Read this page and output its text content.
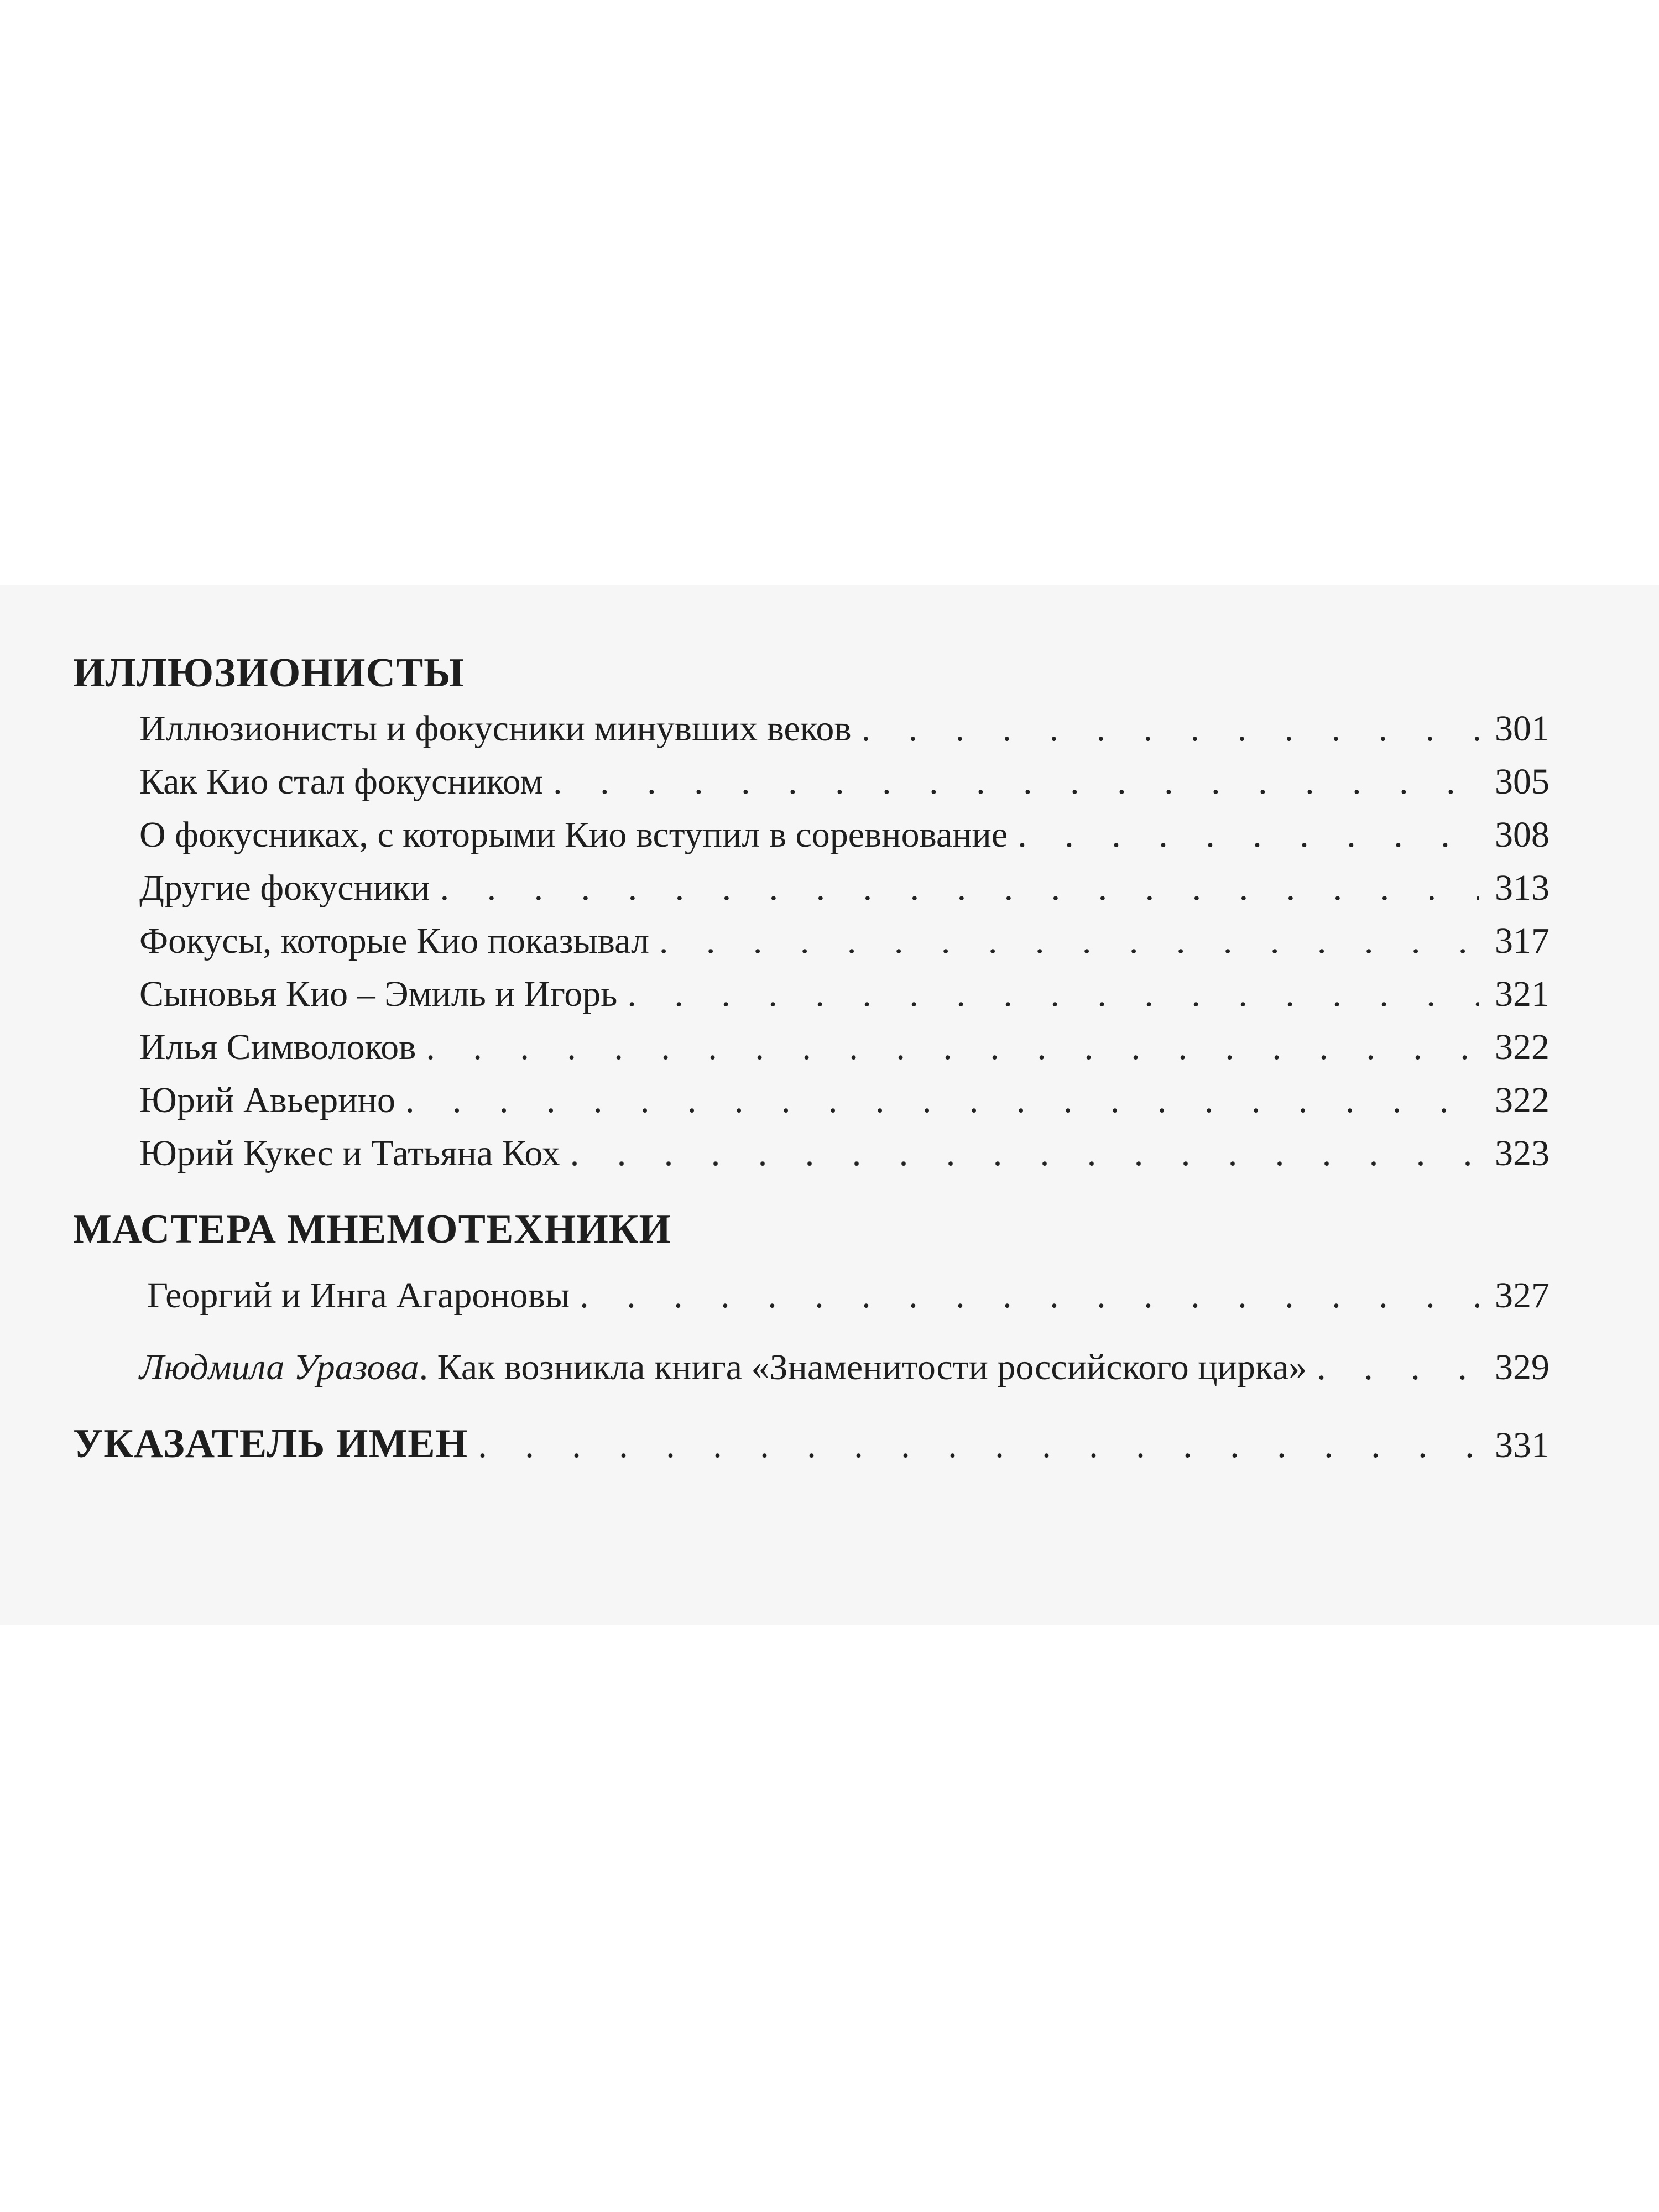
ИЛЛЮЗИОНИСТЫ
Иллюзионисты и фокусники минувших веков . . .	301
Как Кио стал фокусником . . .	305
О фокусниках, с которыми Кио вступил в соревнование . . .	308
Другие фокусники . . .	313
Фокусы, которые Кио показывал . . .	317
Сыновья Кио – Эмиль и Игорь . . .	321
Илья Символоков . . .	322
Юрий Авьерино . . .	322
Юрий Кукес и Татьяна Кох . . .	323
МАСТЕРА МНЕМОТЕХНИКИ
Георгий и Инга Агароновы . . .	327
Людмила Уразова. Как возникла книга «Знаменитости российского цирка» . . .	329
УКАЗАТЕЛЬ ИМЕН . . .	331
